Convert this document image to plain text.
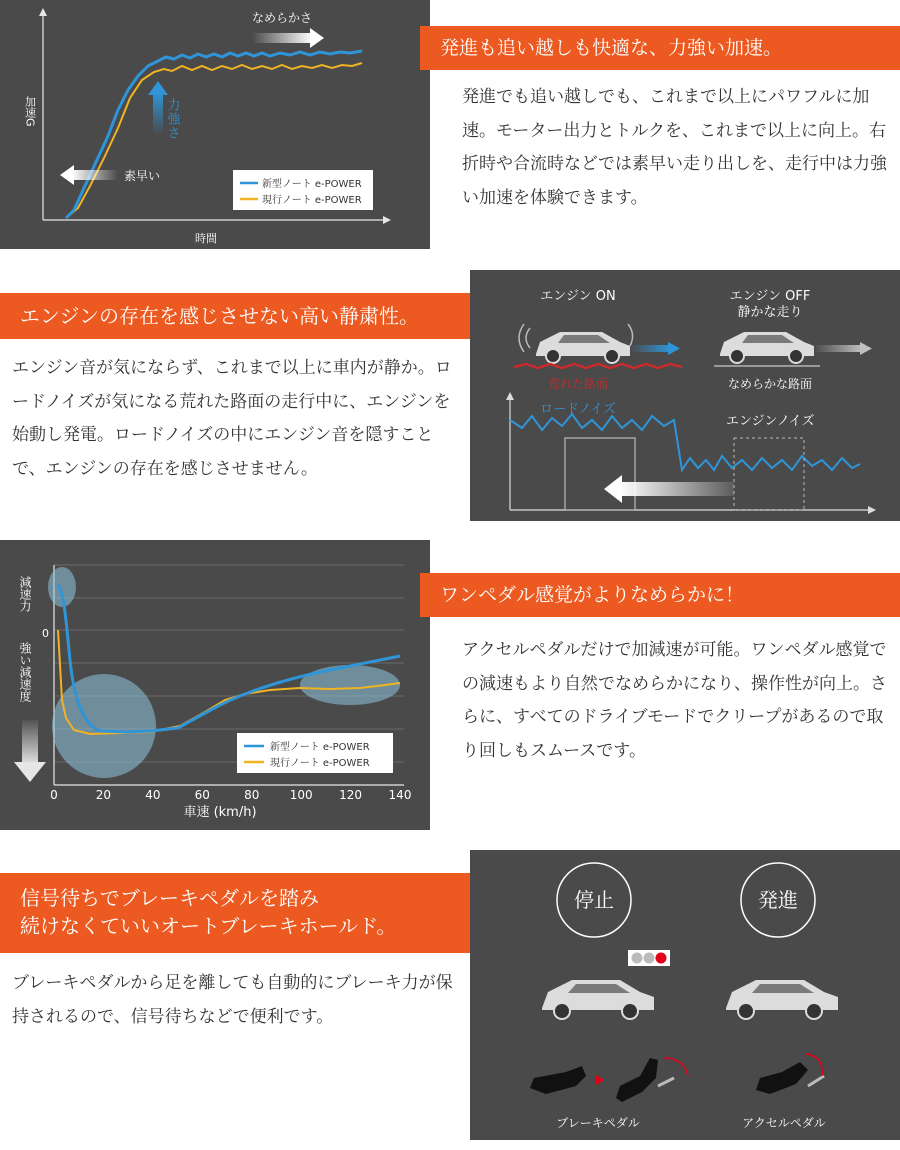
なめらかさ
素早い
力強さ
加速G
時間
新型ノート e-POWER
現行ノート e-POWER
発進も追い越しも快適な、力強い加速。
発進でも追い越しでも、これまで以上にパワフルに加速。モーター出力とトルクを、これまで以上に向上。右折時や合流時などでは素早い走り出しを、走行中は力強い加速を体験できます。
エンジンの存在を感じさせない高い静粛性。
エンジン音が気にならず、これまで以上に車内が静か。ロードノイズが気になる荒れた路面の走行中に、エンジンを始動し発電。ロードノイズの中にエンジン音を隠すことで、エンジンの存在を感じさせません。
エンジン ON	エンジン OFF
静かな走り
荒れた路面	なめらかな路面
ロードノイズ
エンジンノイズ
減速力
0
強い減速度
0	20	40	60	80	100 120 140
車速 (km/h)
新型ノート e-POWER
現行ノート e-POWER
ワンペダル感覚がよりなめらかに！
アクセルペダルだけで加減速が可能。ワンペダル感覚での減速もより自然でなめらかになり、操作性が向上。さらに、すべてのドライブモードでクリープがあるので取り回しもスムースです。
信号待ちでブレーキペダルを踏み
続けなくていいオートブレーキホールド。
ブレーキペダルから足を離しても自動的にブレーキ力が保持されるので、信号待ちなどで便利です。
停止	発進
ブレーキペダル	アクセルペダル
